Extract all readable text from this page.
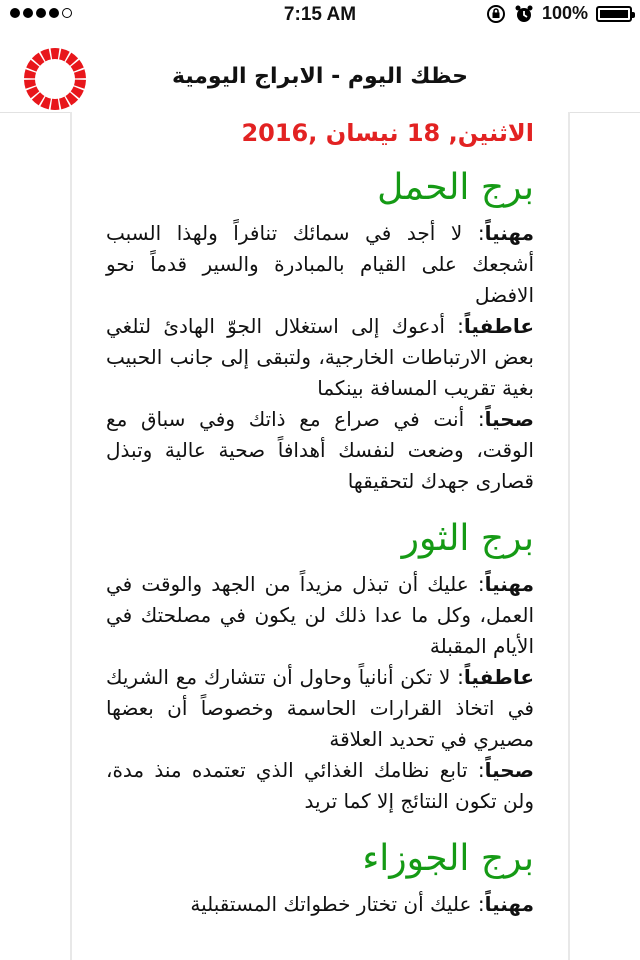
7:15 AM	100%
حظك اليوم - الابراج اليومية
الاثنين, 18 نيسان ,2016
برج الحمل

مهنياً: لا أجد في سمائك تنافراً ولهذا السبب أشجعك على القيام بالمبادرة والسير قدماً نحو الافضل

عاطفياً: أدعوك إلى استغلال الجوّ الهادئ لتلغي بعض الارتباطات الخارجية، ولتبقى إلى جانب الحبيب بغية تقريب المسافة بينكما

صحياً: أنت في صراع مع ذاتك وفي سباق مع الوقت، وضعت لنفسك أهدافاً صحية عالية وتبذل قصارى جهدك لتحقيقها

برج الثور

مهنياً: عليك أن تبذل مزيداً من الجهد والوقت في العمل، وكل ما عدا ذلك لن يكون في مصلحتك في الأيام المقبلة

عاطفياً: لا تكن أنانياً وحاول أن تتشارك مع الشريك في اتخاذ القرارات الحاسمة وخصوصاً أن بعضها مصيري في تحديد العلاقة

صحياً: تابع نظامك الغذائي الذي تعتمده منذ مدة، ولن تكون النتائج إلا كما تريد

برج الجوزاء

مهنياً: عليك أن تختار خطواتك المستقبلية
